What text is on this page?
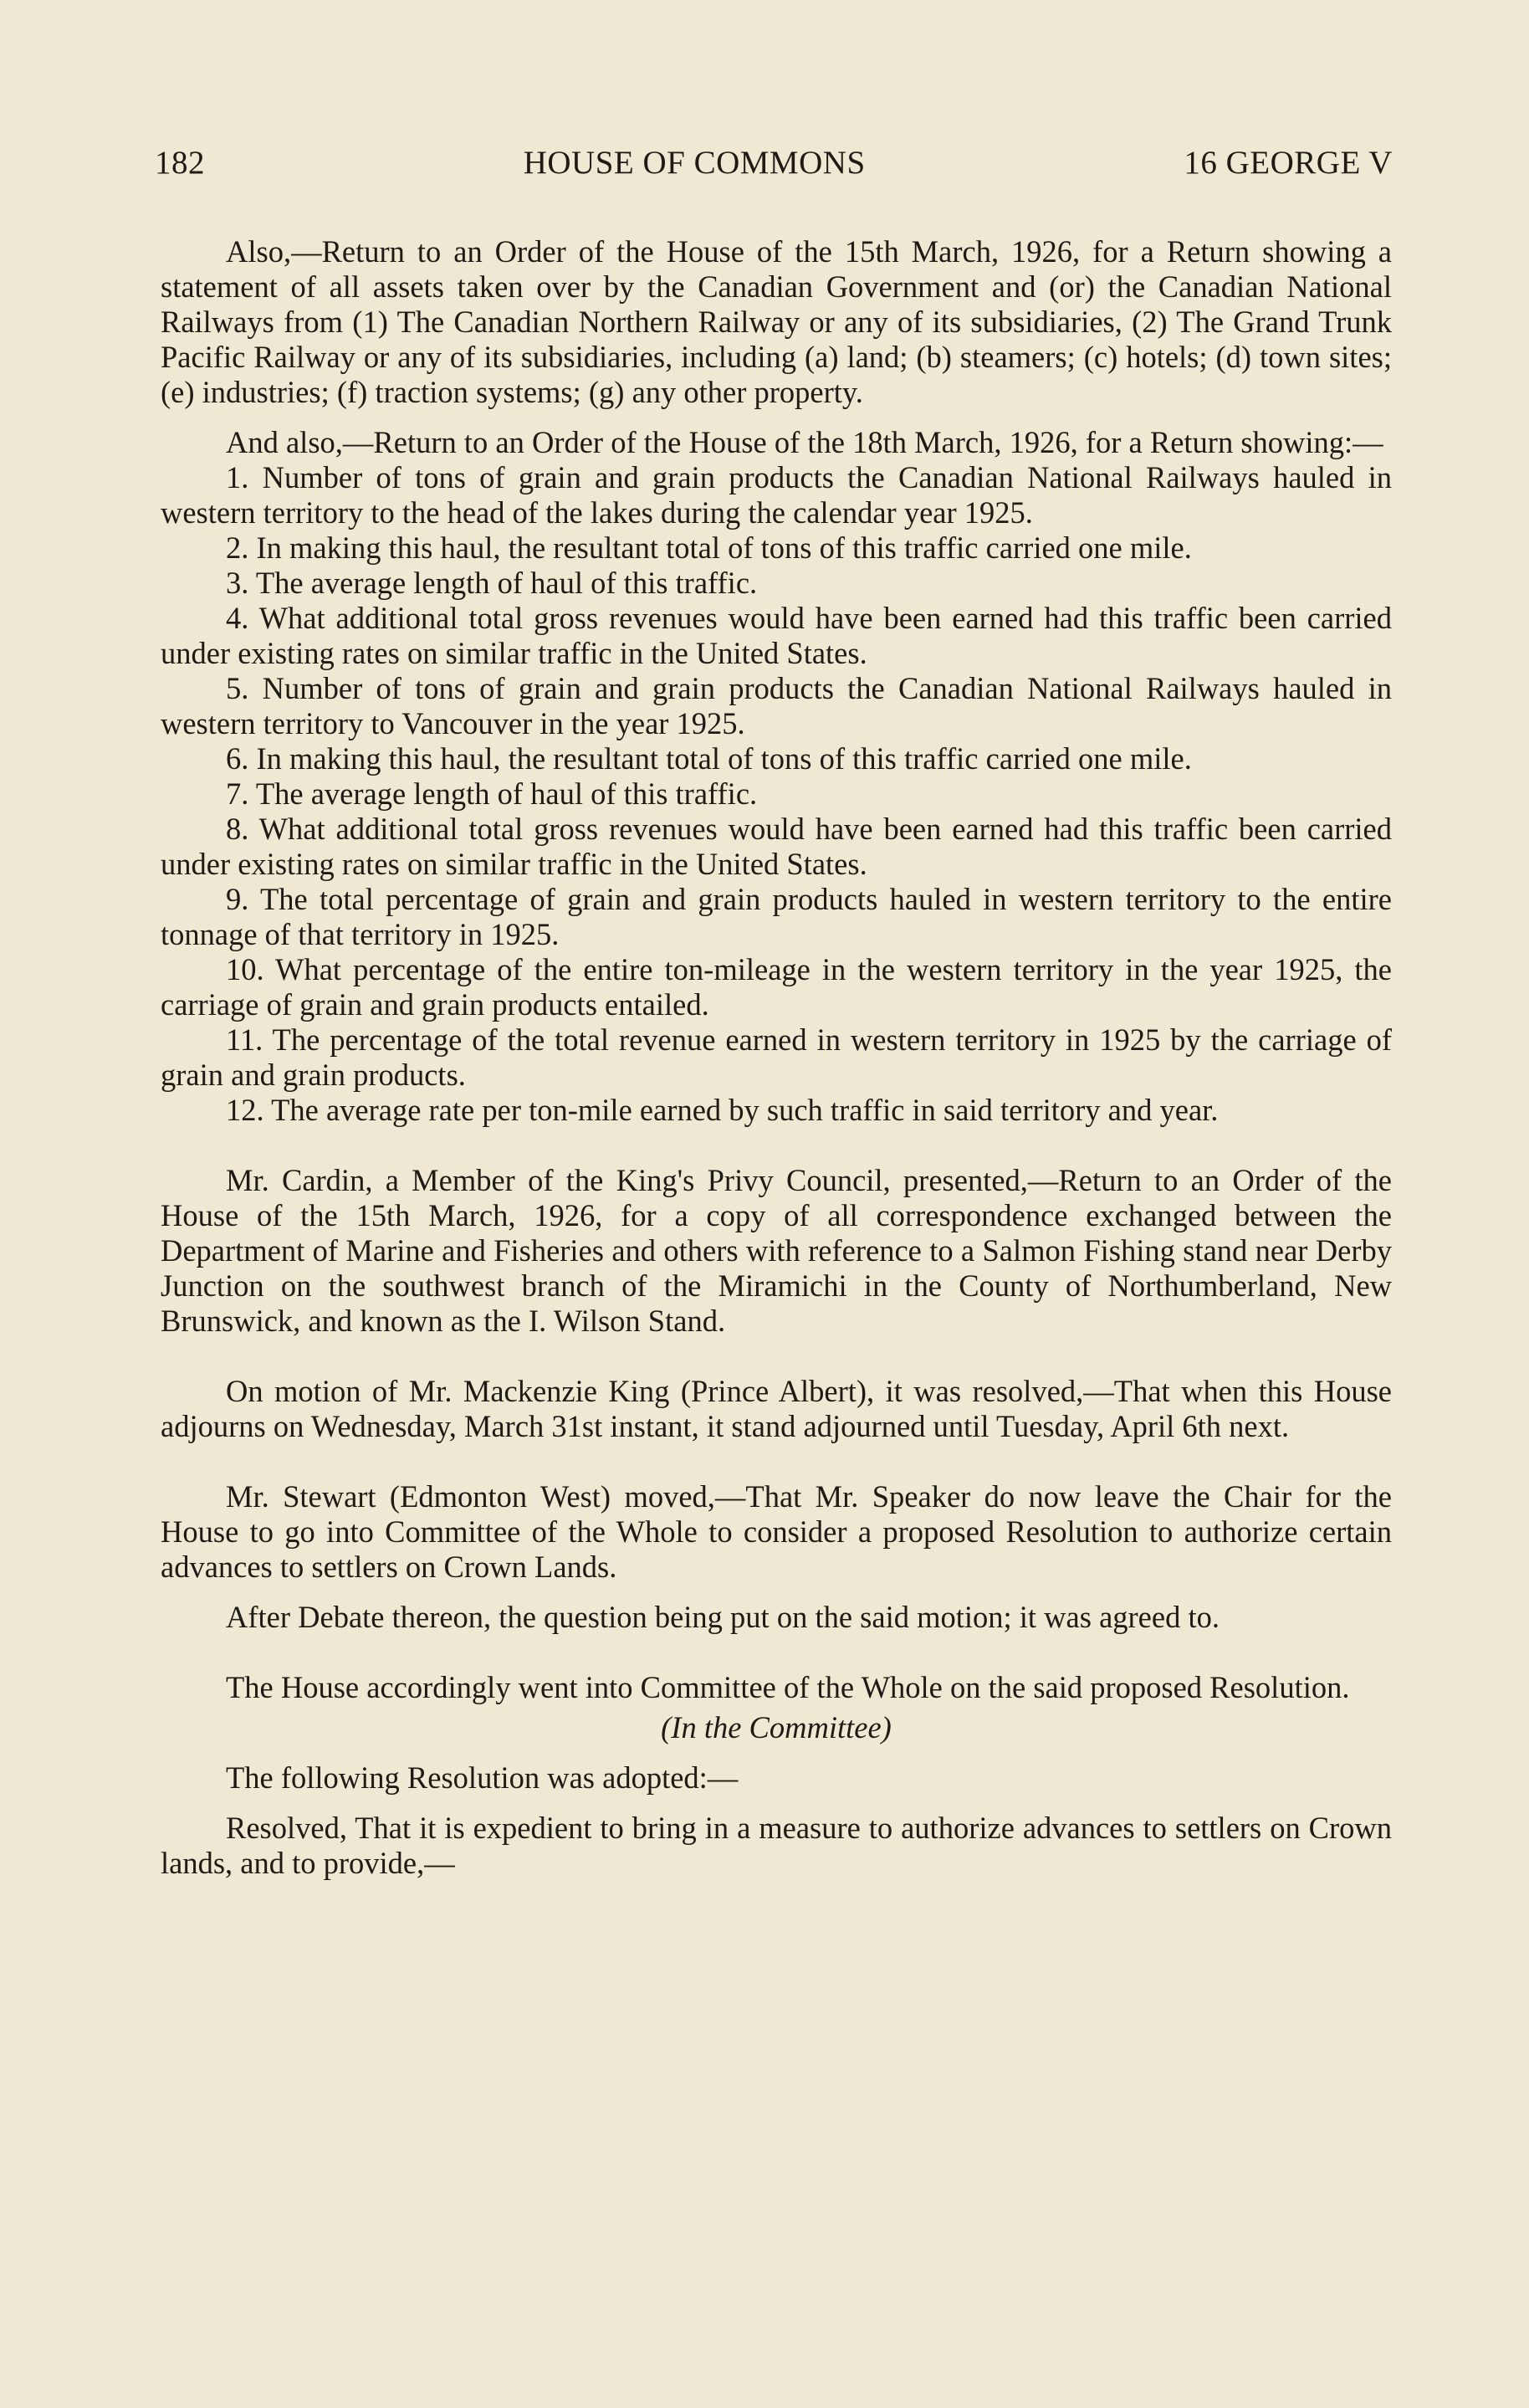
182	HOUSE OF COMMONS	16 GEORGE V

Also,—Return to an Order of the House of the 15th March, 1926, for a Return showing a statement of all assets taken over by the Canadian Government and (or) the Canadian National Railways from (1) The Canadian Northern Railway or any of its subsidiaries, (2) The Grand Trunk Pacific Railway or any of its subsidiaries, including (a) land; (b) steamers; (c) hotels; (d) town sites; (e) industries; (f) traction systems; (g) any other property.

And also,—Return to an Order of the House of the 18th March, 1926, for a Return showing:—

1. Number of tons of grain and grain products the Canadian National Railways hauled in western territory to the head of the lakes during the calendar year 1925.

2. In making this haul, the resultant total of tons of this traffic carried one mile.

3. The average length of haul of this traffic.

4. What additional total gross revenues would have been earned had this traffic been carried under existing rates on similar traffic in the United States.

5. Number of tons of grain and grain products the Canadian National Railways hauled in western territory to Vancouver in the year 1925.

6. In making this haul, the resultant total of tons of this traffic carried one mile.

7. The average length of haul of this traffic.

8. What additional total gross revenues would have been earned had this traffic been carried under existing rates on similar traffic in the United States.

9. The total percentage of grain and grain products hauled in western territory to the entire tonnage of that territory in 1925.

10. What percentage of the entire ton-mileage in the western territory in the year 1925, the carriage of grain and grain products entailed.

11. The percentage of the total revenue earned in western territory in 1925 by the carriage of grain and grain products.

12. The average rate per ton-mile earned by such traffic in said territory and year.

Mr. Cardin, a Member of the King's Privy Council, presented,—Return to an Order of the House of the 15th March, 1926, for a copy of all correspondence exchanged between the Department of Marine and Fisheries and others with reference to a Salmon Fishing stand near Derby Junction on the southwest branch of the Miramichi in the County of Northumberland, New Brunswick, and known as the I. Wilson Stand.

On motion of Mr. Mackenzie King (Prince Albert), it was resolved,—That when this House adjourns on Wednesday, March 31st instant, it stand adjourned until Tuesday, April 6th next.

Mr. Stewart (Edmonton West) moved,—That Mr. Speaker do now leave the Chair for the House to go into Committee of the Whole to consider a proposed Resolution to authorize certain advances to settlers on Crown Lands.

After Debate thereon, the question being put on the said motion; it was agreed to.

The House accordingly went into Committee of the Whole on the said proposed Resolution.

(In the Committee)

The following Resolution was adopted:—

Resolved, That it is expedient to bring in a measure to authorize advances to settlers on Crown lands, and to provide,—
